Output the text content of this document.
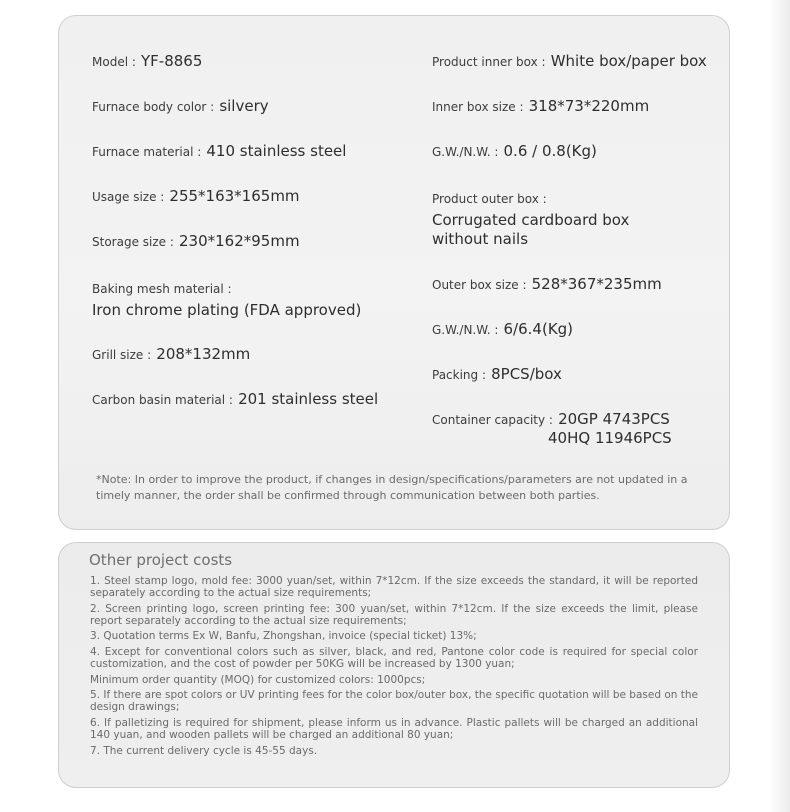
Model : YF-8865
Furnace body color : silvery
Furnace material : 410 stainless steel
Usage size : 255*163*165mm
Storage size : 230*162*95mm
Baking mesh material :
Iron chrome plating (FDA approved)
Grill size : 208*132mm
Carbon basin material : 201 stainless steel
Product inner box : White box/paper box
Inner box size : 318*73*220mm
G.W./N.W. : 0.6 / 0.8(Kg)
Product outer box :
Corrugated cardboard box
without nails
Outer box size : 528*367*235mm
G.W./N.W. : 6/6.4(Kg)
Packing : 8PCS/box
Container capacity : 20GP 4743PCS
40HQ 11946PCS

*Note: In order to improve the product, if changes in design/specifications/parameters are not updated in a timely manner, the order shall be confirmed through communication between both parties.

Other project costs
1. Steel stamp logo, mold fee: 3000 yuan/set, within 7*12cm. If the size exceeds the standard, it will be reported separately according to the actual size requirements;
2. Screen printing logo, screen printing fee: 300 yuan/set, within 7*12cm. If the size exceeds the limit, please report separately according to the actual size requirements;
3. Quotation terms Ex W, Banfu, Zhongshan, invoice (special ticket) 13%;
4. Except for conventional colors such as silver, black, and red, Pantone color code is required for special color customization, and the cost of powder per 50KG will be increased by 1300 yuan;
Minimum order quantity (MOQ) for customized colors: 1000pcs;
5. If there are spot colors or UV printing fees for the color box/outer box, the specific quotation will be based on the design drawings;
6. If palletizing is required for shipment, please inform us in advance. Plastic pallets will be charged an additional 140 yuan, and wooden pallets will be charged an additional 80 yuan;
7. The current delivery cycle is 45-55 days.
